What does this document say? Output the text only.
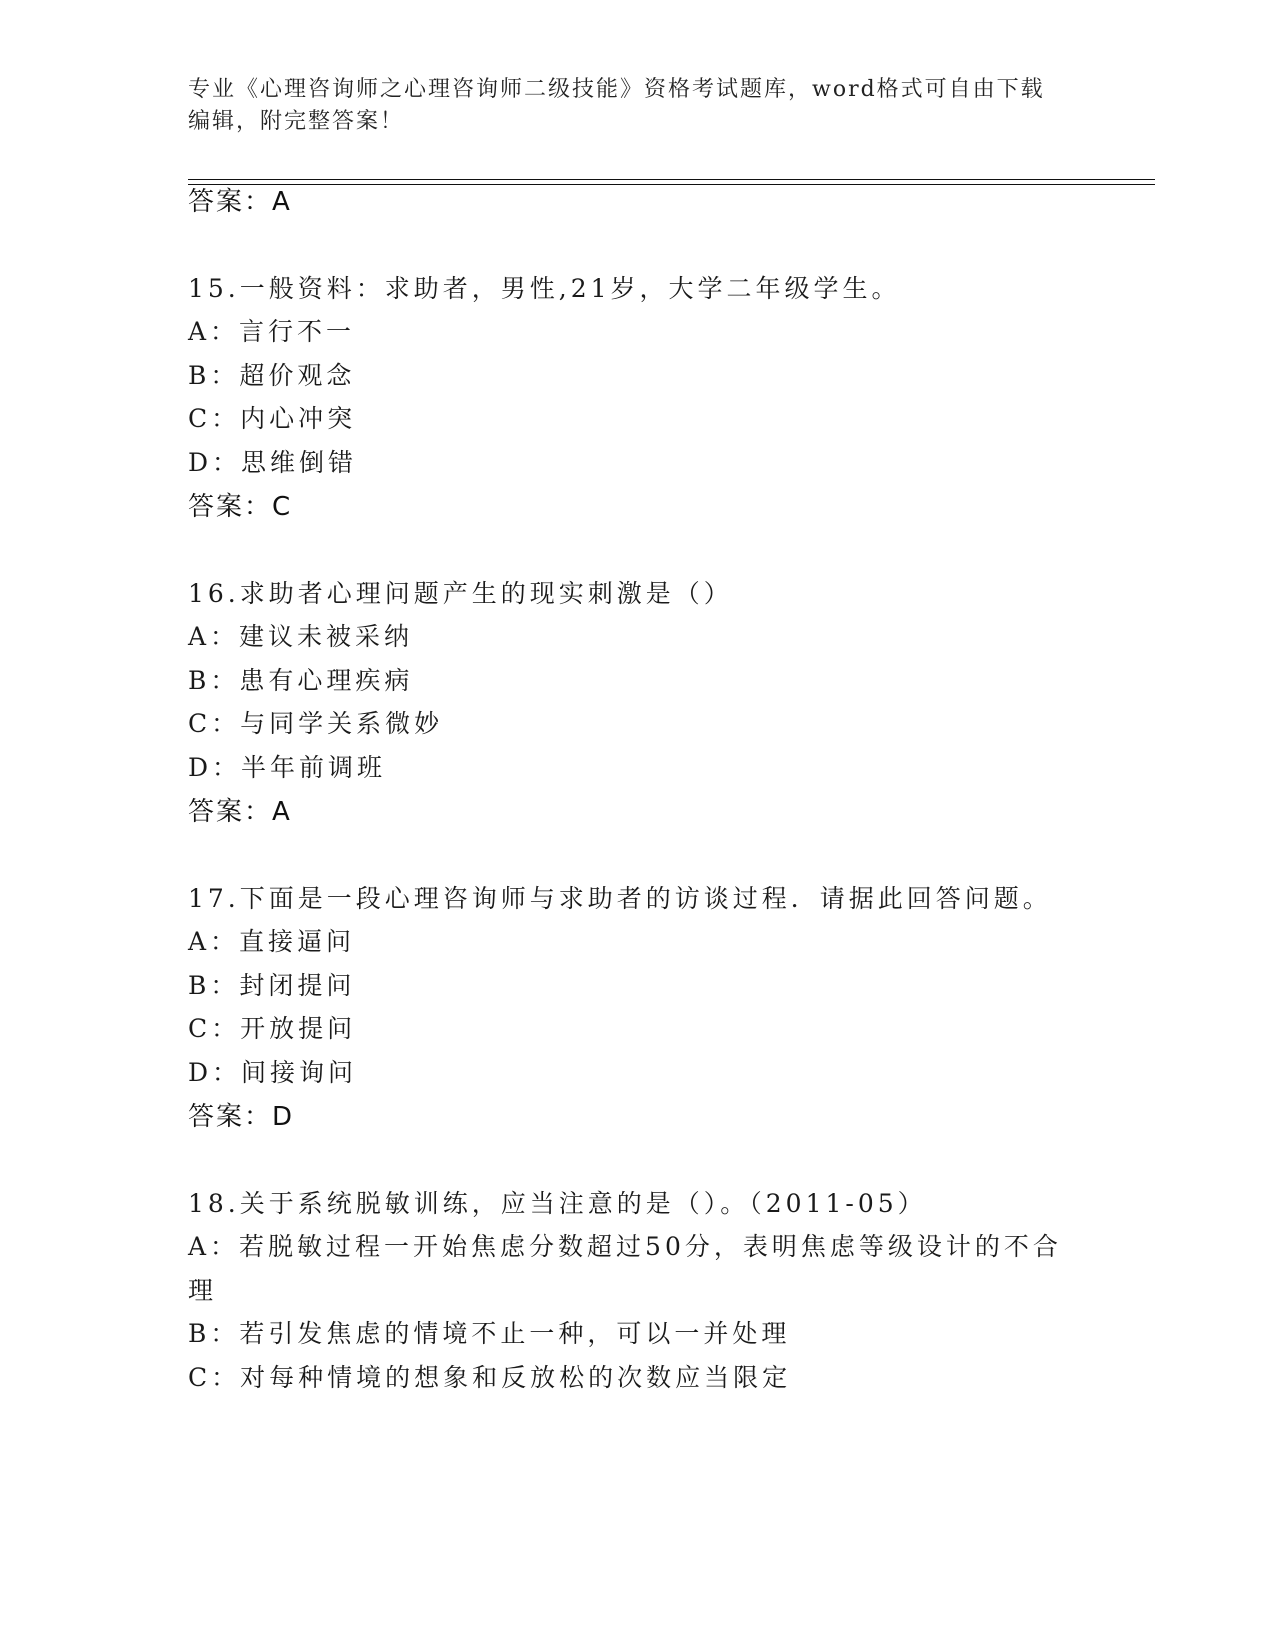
专业《心理咨询师之心理咨询师二级技能》资格考试题库，word格式可自由下载编辑，附完整答案！
答案：A
15.一般资料：求助者，男性,21岁，大学二年级学生。
A：言行不一
B：超价观念
C：内心冲突
D：思维倒错
答案：C
16.求助者心理问题产生的现实刺激是（）
A：建议未被采纳
B：患有心理疾病
C：与同学关系微妙
D：半年前调班
答案：A
17.下面是一段心理咨询师与求助者的访谈过程．请据此回答问题。
A：直接逼问
B：封闭提问
C：开放提问
D：间接询问
答案：D
18.关于系统脱敏训练，应当注意的是（）。（2011-05）
A：若脱敏过程一开始焦虑分数超过50分，表明焦虑等级设计的不合
理
B：若引发焦虑的情境不止一种，可以一并处理
C：对每种情境的想象和反放松的次数应当限定
